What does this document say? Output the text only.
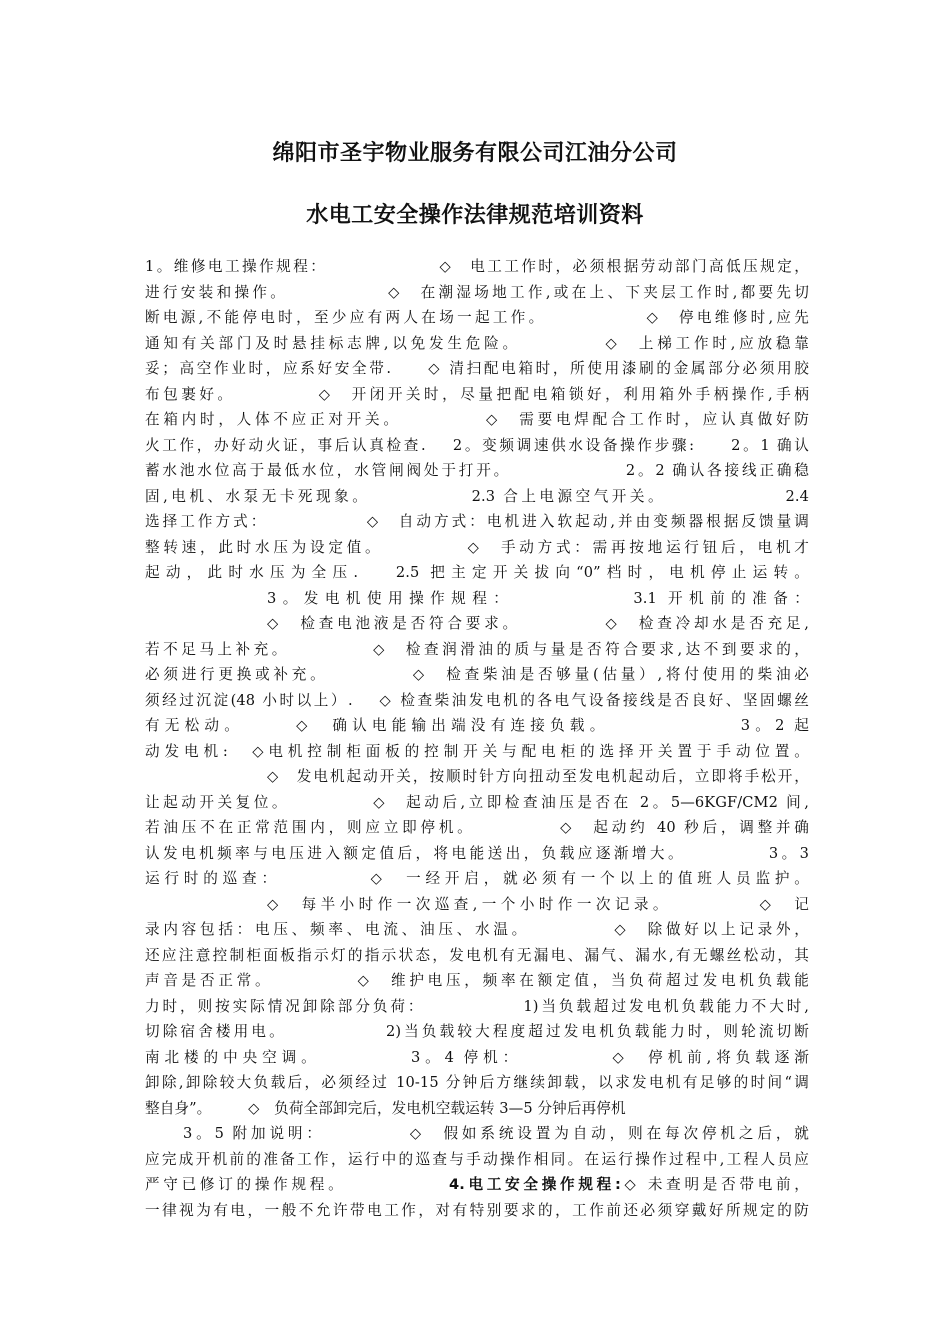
绵阳市圣宇物业服务有限公司江油分公司
水电工安全操作法律规范培训资料
1。维修电工操作规程：　　　　　　　◇　电工工作时，必须根据劳动部门高低压规定，
进行安装和操作。　　　　　　◇　在潮湿场地工作,或在上、下夹层工作时,都要先切
断电源,不能停电时，至少应有两人在场一起工作。　　　　　　◇　停电维修时,应先
通知有关部门及时悬挂标志牌,以免发生危险。　　　　　◇　上梯工作时,应放稳靠
妥；高空作业时，应系好安全带.　　◇ 清扫配电箱时，所使用漆刷的金属部分必须用胶
布包裹好。　　　　　◇　开闭开关时，尽量把配电箱锁好，利用箱外手柄操作,手柄
在箱内时，人体不应正对开关。　　　　　◇　需要电焊配合工作时，应认真做好防
火工作，办好动火证，事后认真检查.　 2。变频调速供水设备操作步骤:　　2。1 确认
蓄水池水位高于最低水位，水管闸阀处于打开。　　　　　　　2。2 确认各接线正确稳
固,电机、水泵无卡死现象。　　　　　　2.3 合上电源空气开关。　　　　　　　2.4
选择工作方式：　　　　　　◇　自动方式：电机进入软起动,并由变频器根据反馈量调
整转速，此时水压为设定值。　　　　　◇　手动方式：需再按地运行钮后，电机才
起动，此时水压为全压.　 2.5 把主定开关拔向“0”档时，电机停止运转。
3。发电机使用操作规程：　　　　　　3.1 开机前的准备：
◇　检查电池液是否符合要求。　　　　　◇　检查冷却水是否充足,
若不足马上补充。　　　　　◇　检查润滑油的质与量是否符合要求,达不到要求的，
必须进行更换或补充。　　　　　◇　检查柴油是否够量(估量）,将付使用的柴油必
须经过沉淀(48 小时以上）.　 ◇ 检查柴油发电机的各电气设备接线是否良好、坚固螺丝
有无松动。　　　◇　确认电能输出端没有连接负载。　　　　　　　3。2 起
动发电机:　◇电机控制柜面板的控制开关与配电柜的选择开关置于手动位置。
◇　发电机起动开关，按顺时针方向扭动至发电机起动后，立即将手松开，
让起动开关复位。　　　　　◇　起动后,立即检查油压是否在 2。5—6KGF/CM2 间,
若油压不在正常范围内，则应立即停机。　　　　　◇　起动约 40 秒后，调整并确
认发电机频率与电压进入额定值后，将电能送出，负载应逐渐增大。　　　　　3。3
运行时的巡查：　　　　　◇　一经开启，就必须有一个以上的值班人员监护。
◇　每半小时作一次巡查,一个小时作一次记录。　　　　　◇　记
录内容包括：电压、频率、电流、油压、水温。　　　　　◇　除做好以上记录外，
还应注意控制柜面板指示灯的指示状态，发电机有无漏电、漏气、漏水,有无螺丝松动，其
声音是否正常。　　　　　◇　维护电压，频率在额定值，当负荷超过发电机负载能
力时，则按实际情况卸除部分负荷：　　　　　　1)当负载超过发电机负载能力不大时,
切除宿舍楼用电。　　　　　　2)当负载较大程度超过发电机负载能力时，则轮流切断
南北楼的中央空调。　　　　　3。4 停机：　　　　　◇　停机前,将负载逐渐
卸除,卸除较大负载后，必须经过 10-15 分钟后方继续卸载，以求发电机有足够的时间“调
整自身”。　　　◇　负荷全部卸完后，发电机空载运转 3—5 分钟后再停机
3。5 附加说明：　　　　　◇　假如系统设置为自动，则在每次停机之后，就
应完成开机前的准备工作，运行中的巡查与手动操作相同。在运行操作过程中,工程人员应
严守已修订的操作规程。　　　　　　4.电工安全操作规程:◇ 未查明是否带电前，
一律视为有电，一般不允许带电工作，对有特别要求的，工作前还必须穿戴好所规定的防
